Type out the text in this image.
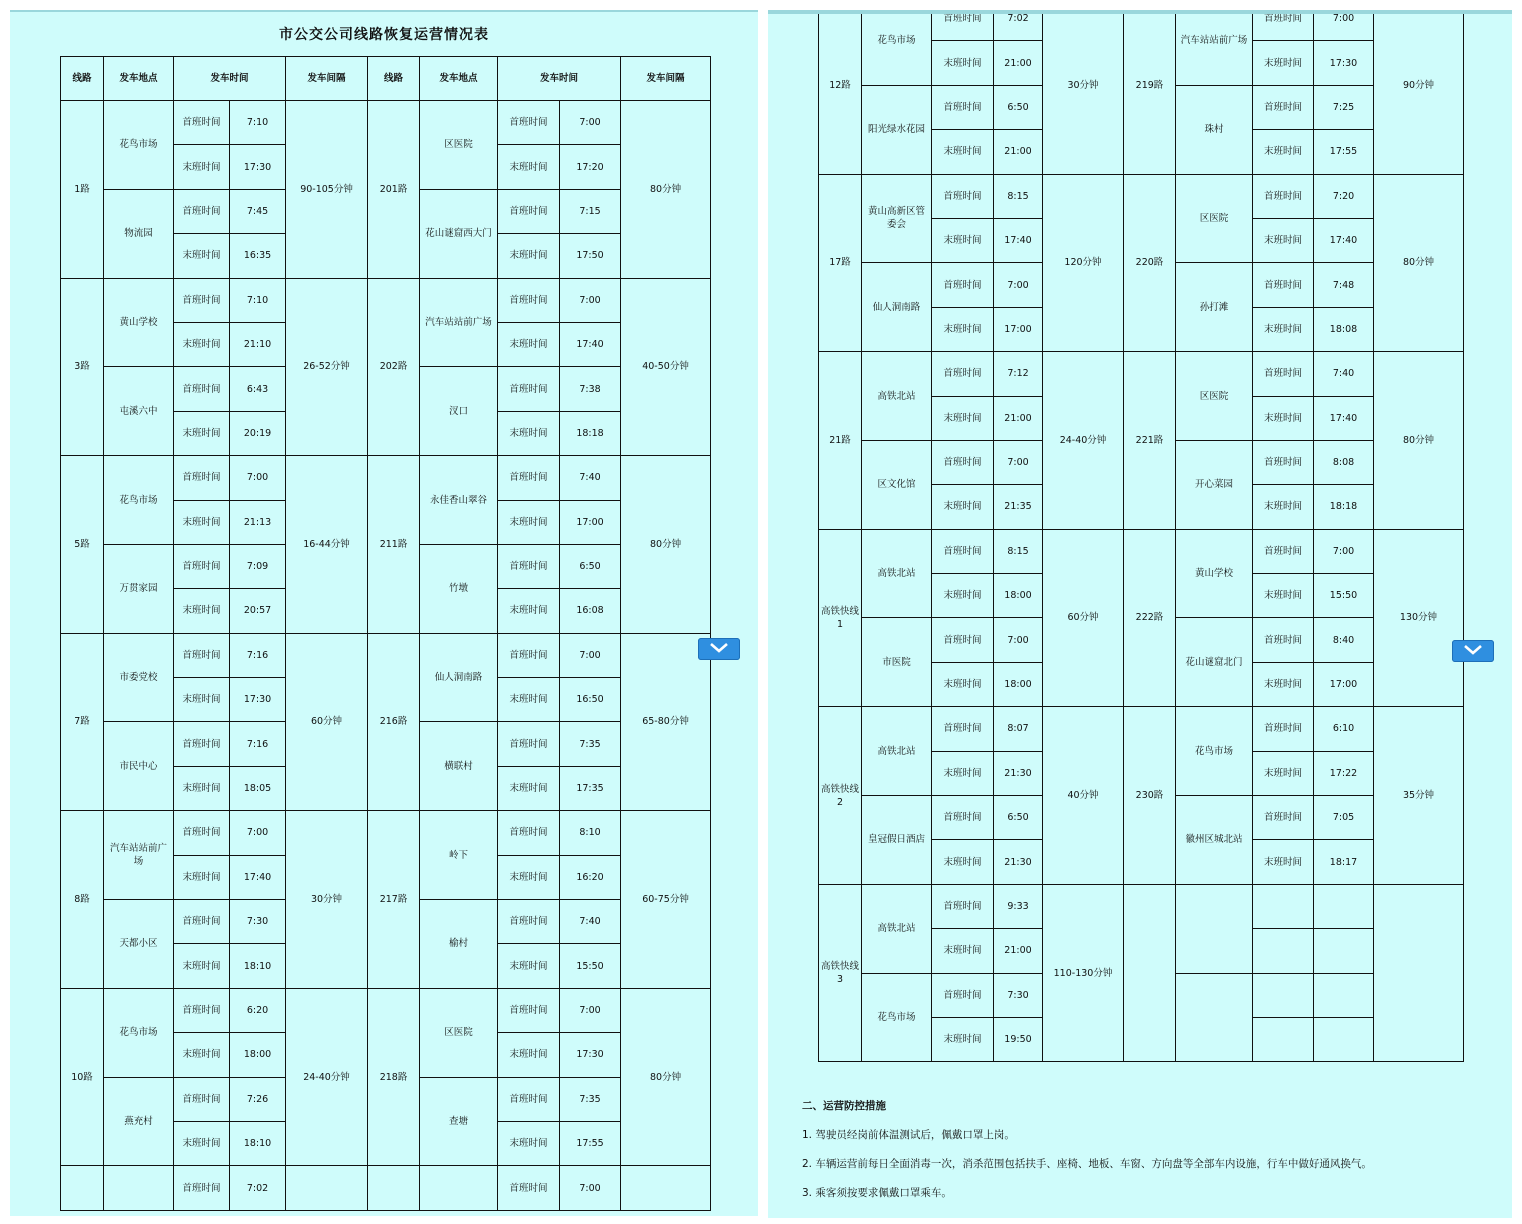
市公交公司线路恢复运营情况表
线路	发车地点	发车时间		发车间隔	线路	发车地点	发车时间		发车间隔
1路	花鸟市场	首班时间	7:10	90-105分钟	201路	区医院	首班时间	7:00	80分钟
		末班时间	17:30				末班时间	17:20	
	物流园	首班时间	7:45			花山谜窟西大门	首班时间	7:15	
		末班时间	16:35				末班时间	17:50	
3路	黄山学校	首班时间	7:10	26-52分钟	202路	汽车站站前广场	首班时间	7:00	40-50分钟
		末班时间	21:10				末班时间	17:40	
	屯溪六中	首班时间	6:43			汊口	首班时间	7:38	
		末班时间	20:19				末班时间	18:18	
5路	花鸟市场	首班时间	7:00	16-44分钟	211路	永佳香山翠谷	首班时间	7:40	80分钟
		末班时间	21:13				末班时间	17:00	
	万贯家园	首班时间	7:09			竹墩	首班时间	6:50	
		末班时间	20:57				末班时间	16:08	
7路	市委党校	首班时间	7:16	60分钟	216路	仙人洞南路	首班时间	7:00	65-80分钟
		末班时间	17:30				末班时间	16:50	
	市民中心	首班时间	7:16			横联村	首班时间	7:35	
		末班时间	18:05				末班时间	17:35	
8路	汽车站站前广场	首班时间	7:00	30分钟	217路	岭下	首班时间	8:10	60-75分钟
		末班时间	17:40				末班时间	16:20	
	天都小区	首班时间	7:30			榆村	首班时间	7:40	
		末班时间	18:10				末班时间	15:50	
10路	花鸟市场	首班时间	6:20	24-40分钟	218路	区医院	首班时间	7:00	80分钟
		末班时间	18:00				末班时间	17:30	
	燕充村	首班时间	7:26			查塘	首班时间	7:35	
		末班时间	18:10				末班时间	17:55	
		首班时间	7:02				首班时间	7:00	
12路	花鸟市场	首班时间	7:02	30分钟	219路	汽车站站前广场	首班时间	7:00	90分钟
		末班时间	21:00				末班时间	17:30	
	阳光绿水花园	首班时间	6:50			珠村	首班时间	7:25	
		末班时间	21:00				末班时间	17:55	
17路	黄山高新区管委会	首班时间	8:15	120分钟	220路	区医院	首班时间	7:20	80分钟
		末班时间	17:40				末班时间	17:40	
	仙人洞南路	首班时间	7:00			孙打滩	首班时间	7:48	
		末班时间	17:00				末班时间	18:08	
21路	高铁北站	首班时间	7:12	24-40分钟	221路	区医院	首班时间	7:40	80分钟
		末班时间	21:00				末班时间	17:40	
	区文化馆	首班时间	7:00			开心菜园	首班时间	8:08	
		末班时间	21:35				末班时间	18:18	
高铁快线1	高铁北站	首班时间	8:15	60分钟	222路	黄山学校	首班时间	7:00	130分钟
		末班时间	18:00				末班时间	15:50	
	市医院	首班时间	7:00			花山谜窟北门	首班时间	8:40	
		末班时间	18:00				末班时间	17:00	
高铁快线2	高铁北站	首班时间	8:07	40分钟	230路	花鸟市场	首班时间	6:10	35分钟
		末班时间	21:30				末班时间	17:22	
	皇冠假日酒店	首班时间	6:50			徽州区城北站	首班时间	7:05	
		末班时间	21:30				末班时间	18:17	
高铁快线3	高铁北站	首班时间	9:33	110-130分钟					
		末班时间	21:00						
	花鸟市场	首班时间	7:30						
		末班时间	19:50						

二、运营防控措施

1. 驾驶员经岗前体温测试后，佩戴口罩上岗。

2. 车辆运营前每日全面消毒一次，消杀范围包括扶手、座椅、地板、车窗、方向盘等全部车内设施，行车中做好通风换气。

3. 乘客须按要求佩戴口罩乘车。
